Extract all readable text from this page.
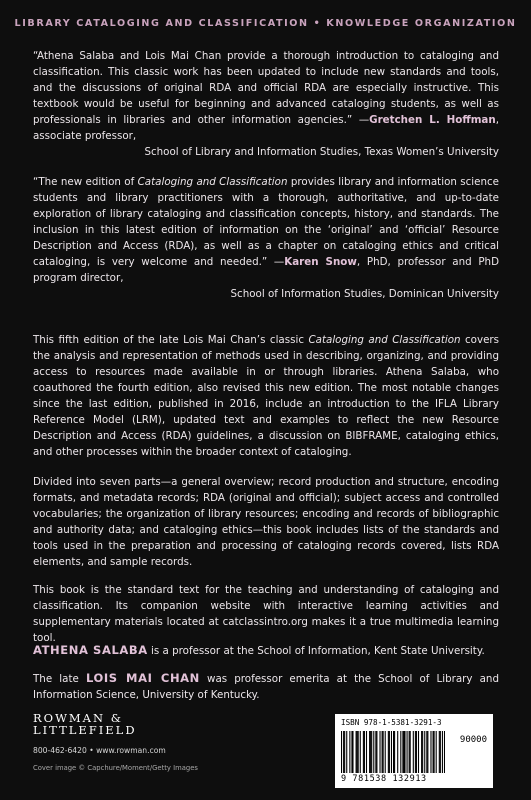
LIBRARY CATALOGING AND CLASSIFICATION • KNOWLEDGE ORGANIZATION
“Athena Salaba and Lois Mai Chan provide a thorough introduction to cataloging and classification. This classic work has been updated to include new standards and tools, and the discussions of original RDA and official RDA are especially instructive. This textbook would be useful for beginning and advanced cataloging students, as well as professionals in libraries and other information agencies.” —Gretchen L. Hoffman, associate professor,
School of Library and Information Studies, Texas Women’s University
“The new edition of Cataloging and Classification provides library and information science students and library practitioners with a thorough, authoritative, and up-to-date exploration of library cataloging and classification concepts, history, and standards. The inclusion in this latest edition of information on the ‘original’ and ‘official’ Resource Description and Access (RDA), as well as a chapter on cataloging ethics and critical cataloging, is very welcome and needed.” —Karen Snow, PhD, professor and PhD program director,
School of Information Studies, Dominican University
This fifth edition of the late Lois Mai Chan’s classic Cataloging and Classification covers the analysis and representation of methods used in describing, organizing, and providing access to resources made available in or through libraries. Athena Salaba, who coauthored the fourth edition, also revised this new edition. The most notable changes since the last edition, published in 2016, include an introduction to the IFLA Library Reference Model (LRM), updated text and examples to reflect the new Resource Description and Access (RDA) guidelines, a discussion on BIBFRAME, cataloging ethics, and other processes within the broader context of cataloging.
Divided into seven parts—a general overview; record production and structure, encoding formats, and metadata records; RDA (original and official); subject access and controlled vocabularies; the organization of library resources; encoding and records of bibliographic and authority data; and cataloging ethics—this book includes lists of the standards and tools used in the preparation and processing of cataloging records covered, lists RDA elements, and sample records.
This book is the standard text for the teaching and understanding of cataloging and classification. Its companion website with interactive learning activities and supplementary materials located at catclassintro.org makes it a true multimedia learning tool.
ATHENA SALABA is a professor at the School of Information, Kent State University.
The late LOIS MAI CHAN was professor emerita at the School of Library and Information Science, University of Kentucky.
ROWMAN &
LITTLEFIELD
800-462-6420 • www.rowman.com
Cover image © Capchure/Moment/Getty Images
ISBN 978-1-5381-3291-3
90000
9 781538 132913
